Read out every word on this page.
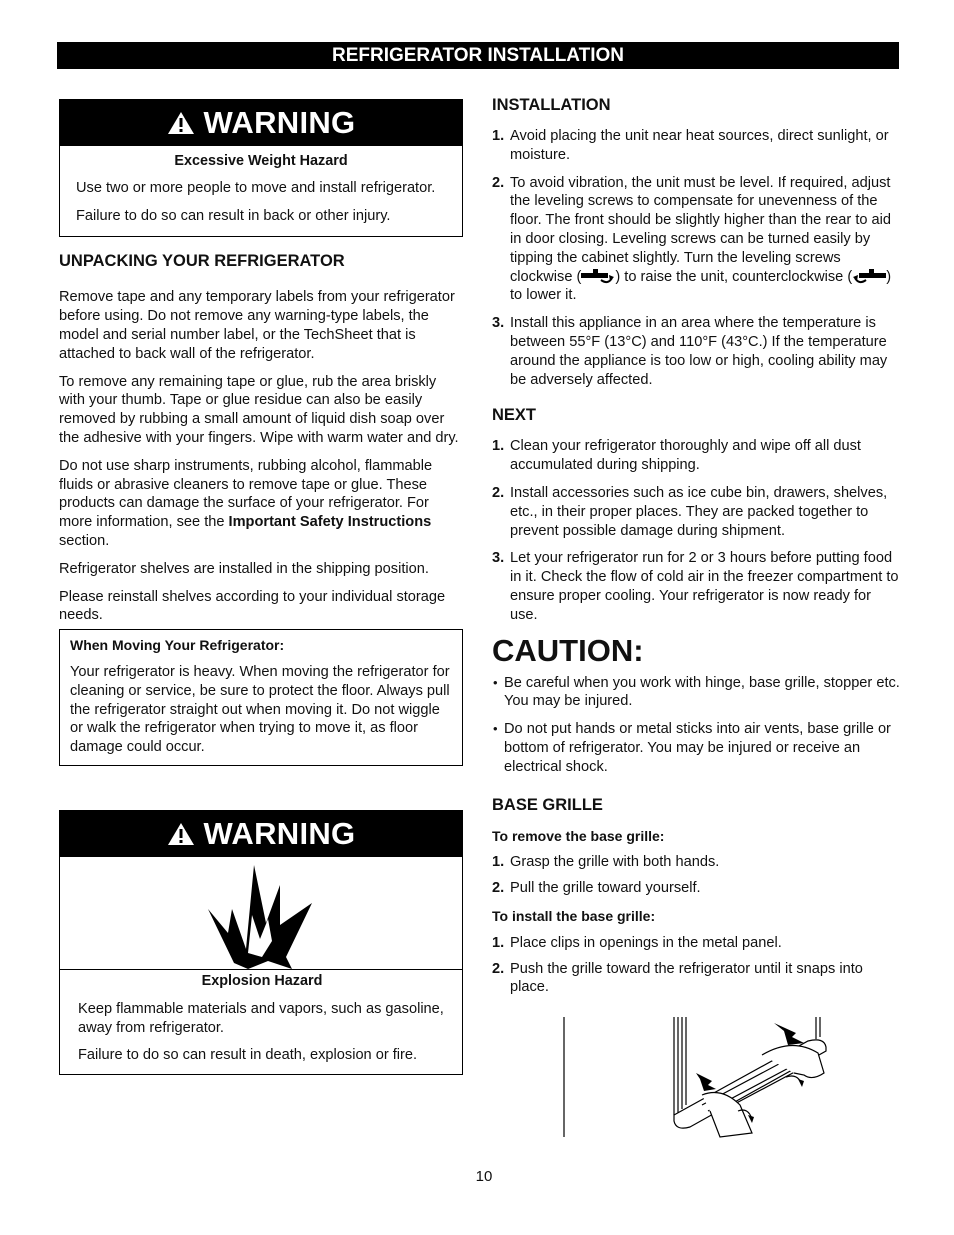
REFRIGERATOR INSTALLATION
WARNING
Excessive Weight Hazard

Use two or more people to move and install refrigerator.

Failure to do so can result in back or other injury.

UNPACKING YOUR REFRIGERATOR

Remove tape and any temporary labels from your refrigerator before using. Do not remove any warning-type labels, the model and serial number label, or the TechSheet that is attached to back wall of the refrigerator.

To remove any remaining tape or glue, rub the area briskly with your thumb. Tape or glue residue can also be easily removed by rubbing a small amount of liquid dish soap over the adhesive with your fingers. Wipe with warm water and dry.

Do not use sharp instruments, rubbing alcohol, flammable fluids or abrasive cleaners to remove tape or glue. These products can damage the surface of your refrigerator. For more information, see the Important Safety Instructions section.

Refrigerator shelves are installed in the shipping position.

Please reinstall shelves according to your individual storage needs.

When Moving Your Refrigerator:

Your refrigerator is heavy. When moving the refrigerator for cleaning or service, be sure to protect the floor. Always pull the refrigerator straight out when moving it. Do not wiggle or walk the refrigerator when trying to move it, as floor damage could occur.

WARNING
Explosion Hazard

Keep flammable materials and vapors, such as gasoline, away from refrigerator.

Failure to do so can result in death, explosion or fire.

INSTALLATION
1. Avoid placing the unit near heat sources, direct sunlight, or moisture.
2. To avoid vibration, the unit must be level. If required, adjust the leveling screws to compensate for unevenness of the floor. The front should be slightly higher than the rear to aid in door closing. Leveling screws can be turned easily by tipping the cabinet slightly. Turn the leveling screws clockwise ( ) to raise the unit, counterclockwise ( ) to lower it.
3. Install this appliance in an area where the temperature is between 55°F (13°C) and 110°F (43°C.) If the temperature around the appliance is too low or high, cooling ability may be adversely affected.
NEXT
1. Clean your refrigerator thoroughly and wipe off all dust accumulated during shipping.
2. Install accessories such as ice cube bin, drawers, shelves, etc., in their proper places. They are packed together to prevent possible damage during shipment.
3. Let your refrigerator run for 2 or 3 hours before putting food in it. Check the flow of cold air in the freezer compartment to ensure proper cooling. Your refrigerator is now ready for use.
CAUTION:
• Be careful when you work with hinge, base grille, stopper etc. You may be injured.
• Do not put hands or metal sticks into air vents, base grille or bottom of refrigerator. You may be injured or receive an electrical shock.
BASE GRILLE
To remove the base grille:
1. Grasp the grille with both hands.
2. Pull the grille toward yourself.
To install the base grille:
1. Place clips in openings in the metal panel.
2. Push the grille toward the refrigerator until it snaps into place.
10
